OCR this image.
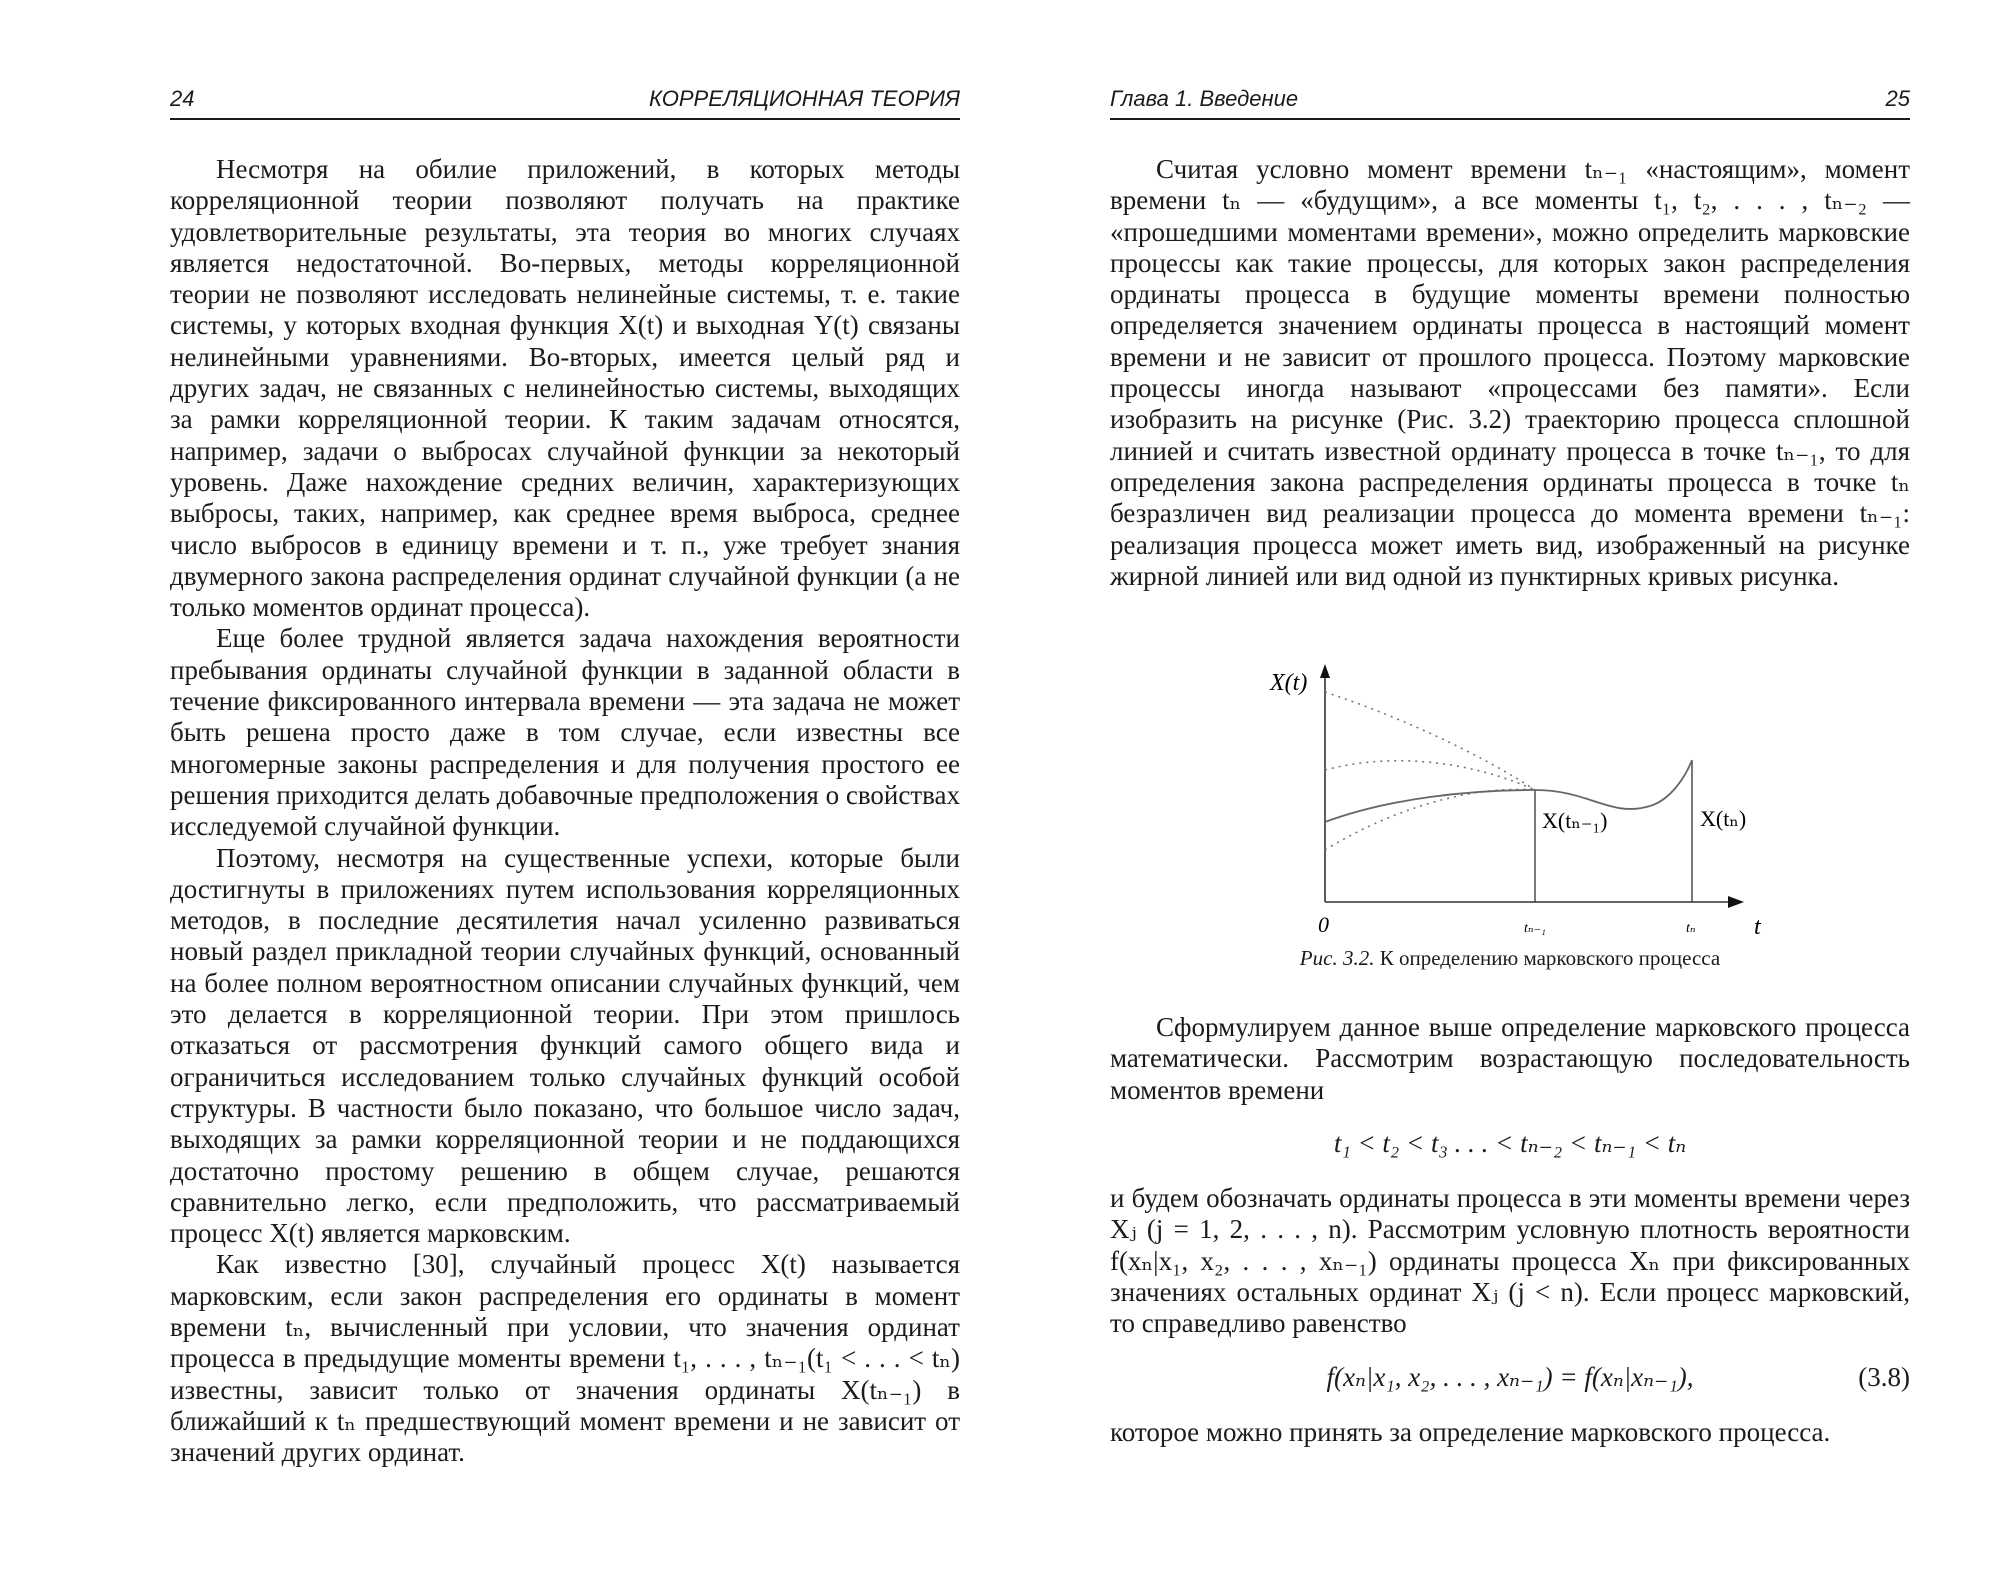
24	КОРРЕЛЯЦИОННАЯ ТЕОРИЯ

Несмотря на обилие приложений, в которых методы корреляционной теории позволяют получать на практике удовлетворительные результаты, эта теория во многих случаях является недостаточной. Во-первых, методы корреляционной теории не позволяют исследовать нелинейные системы, т. е. такие системы, у которых входная функция X(t) и выходная Y(t) связаны нелинейными уравнениями. Во-вторых, имеется целый ряд и других задач, не связанных с нелинейностью системы, выходящих за рамки корреляционной теории. К таким задачам относятся, например, задачи о выбросах случайной функции за некоторый уровень. Даже нахождение средних величин, характеризующих выбросы, таких, например, как среднее время выброса, среднее число выбросов в единицу времени и т. п., уже требует знания двумерного закона распределения ординат случайной функции (а не только моментов ординат процесса).

Еще более трудной является задача нахождения вероятности пребывания ординаты случайной функции в заданной области в течение фиксированного интервала времени — эта задача не может быть решена просто даже в том случае, если известны все многомерные законы распределения и для получения простого ее решения приходится делать добавочные предположения о свойствах исследуемой случайной функции.

Поэтому, несмотря на существенные успехи, которые были достигнуты в приложениях путем использования корреляционных методов, в последние десятилетия начал усиленно развиваться новый раздел прикладной теории случайных функций, основанный на более полном вероятностном описании случайных функций, чем это делается в корреляционной теории. При этом пришлось отказаться от рассмотрения функций самого общего вида и ограничиться исследованием только случайных функций особой структуры. В частности было показано, что большое число задач, выходящих за рамки корреляционной теории и не поддающихся достаточно простому решению в общем случае, решаются сравнительно легко, если предположить, что рассматриваемый процесс X(t) является марковским.

Как известно [30], случайный процесс X(t) называется марковским, если закон распределения его ординаты в момент времени tₙ, вычисленный при условии, что значения ординат процесса в предыдущие моменты времени t₁, . . . , tₙ₋₁(t₁ < . . . < tₙ) известны, зависит только от значения ординаты X(tₙ₋₁) в ближайший к tₙ предшествующий момент времени и не зависит от значений других ординат.

Глава 1. Введение	25

Считая условно момент времени tₙ₋₁ «настоящим», момент времени tₙ — «будущим», а все моменты t₁, t₂, . . . , tₙ₋₂ — «прошедшими моментами времени», можно определить марковские процессы как такие процессы, для которых закон распределения ординаты процесса в будущие моменты времени полностью определяется значением ординаты процесса в настоящий момент времени и не зависит от прошлого процесса. Поэтому марковские процессы иногда называют «процессами без памяти». Если изобразить на рисунке (Рис. 3.2) траекторию процесса сплошной линией и считать известной ординату процесса в точке tₙ₋₁, то для определения закона распределения ординаты процесса в точке tₙ безразличен вид реализации процесса до момента времени tₙ₋₁: реализация процесса может иметь вид, изображенный на рисунке жирной линией или вид одной из пунктирных кривых рисунка.

X(t)
0	tₙ₋₁	tₙ t
X(tₙ₋₁)	X(tₙ)
Рис. 3.2. К определению марковского процесса

Сформулируем данное выше определение марковского процесса математически. Рассмотрим возрастающую последовательность моментов времени

t₁ < t₂ < t₃ . . . < tₙ₋₂ < tₙ₋₁ < tₙ

и будем обозначать ординаты процесса в эти моменты времени через Xⱼ (j = 1, 2, . . . , n). Рассмотрим условную плотность вероятности f(xₙ|x₁, x₂, . . . , xₙ₋₁) ординаты процесса Xₙ при фиксированных значениях остальных ординат Xⱼ (j < n). Если процесс марковский, то справедливо равенство

f(xₙ|x₁, x₂, . . . , xₙ₋₁) = f(xₙ|xₙ₋₁),	(3.8)

которое можно принять за определение марковского процесса.
